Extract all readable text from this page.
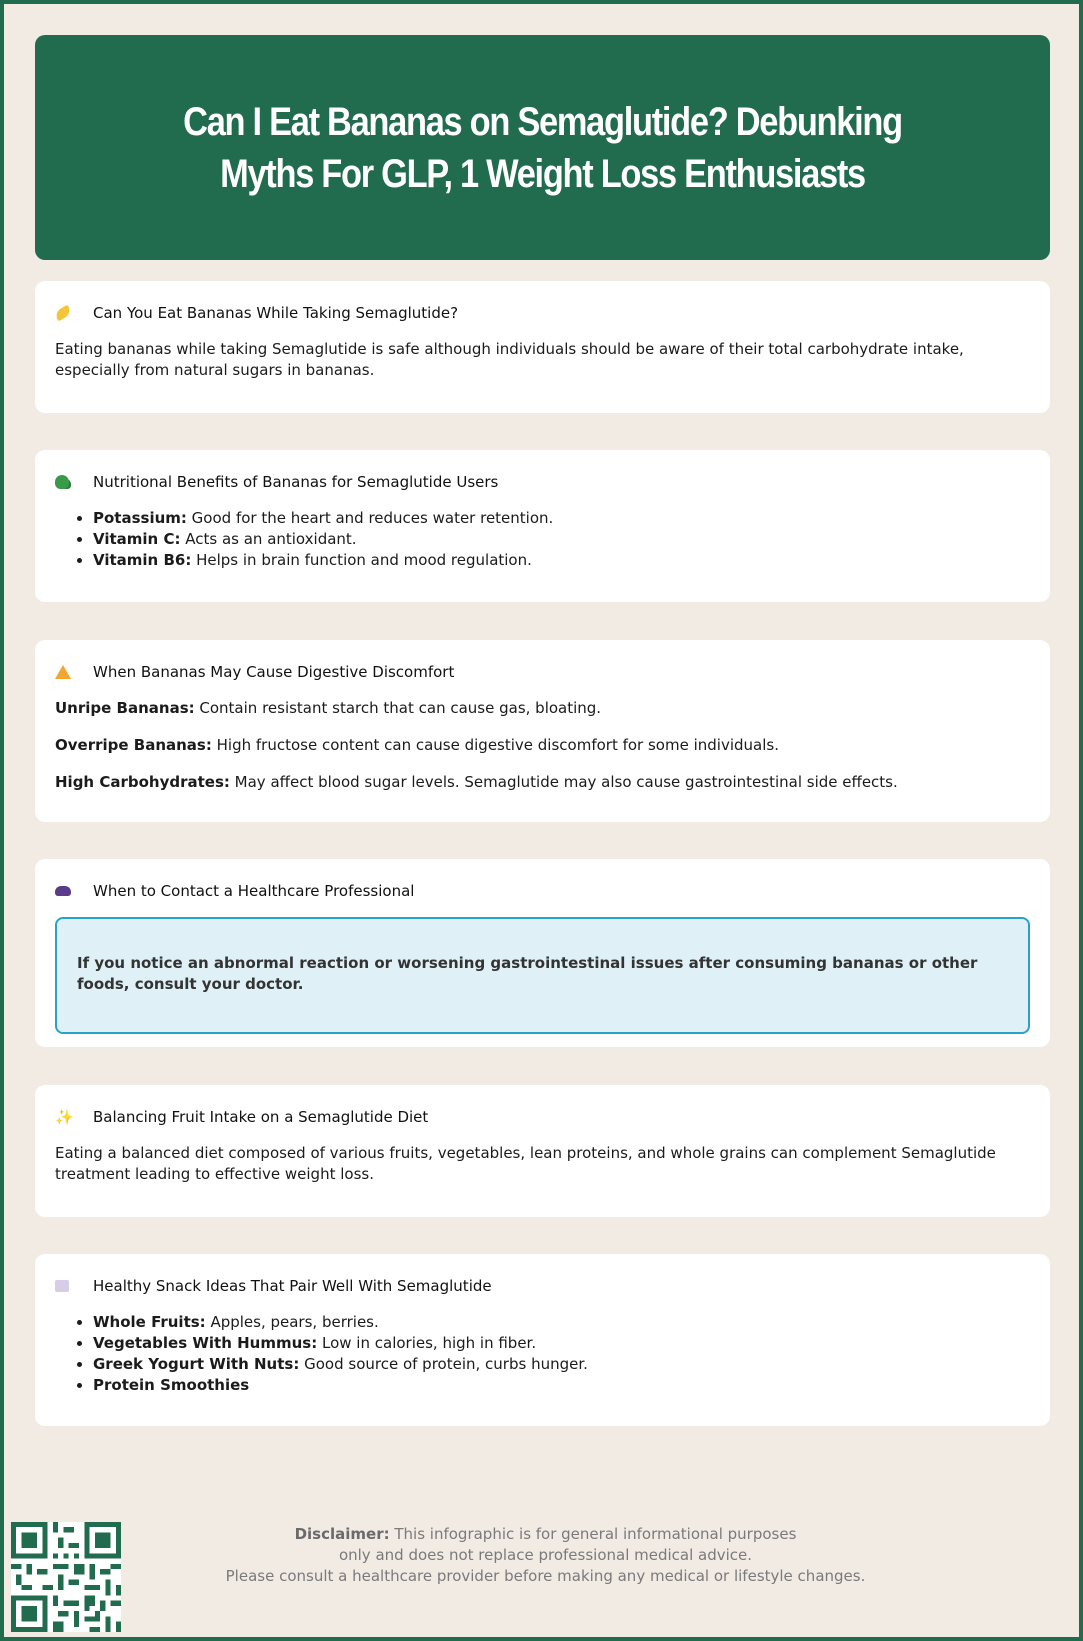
Can I Eat Bananas on Semaglutide? Debunking Myths For GLP, 1 Weight Loss Enthusiasts
Can You Eat Bananas While Taking Semaglutide?

Eating bananas while taking Semaglutide is safe although individuals should be aware of their total carbohydrate intake, especially from natural sugars in bananas.

Nutritional Benefits of Bananas for Semaglutide Users
• Potassium: Good for the heart and reduces water retention.
• Vitamin C: Acts as an antioxidant.
• Vitamin B6: Helps in brain function and mood regulation.
When Bananas May Cause Digestive Discomfort

Unripe Bananas: Contain resistant starch that can cause gas, bloating.

Overripe Bananas: High fructose content can cause digestive discomfort for some individuals.

High Carbohydrates: May affect blood sugar levels. Semaglutide may also cause gastrointestinal side effects.

When to Contact a Healthcare Professional
If you notice an abnormal reaction or worsening gastrointestinal issues after consuming bananas or other foods, consult your doctor.
✨ Balancing Fruit Intake on a Semaglutide Diet

Eating a balanced diet composed of various fruits, vegetables, lean proteins, and whole grains can complement Semaglutide treatment leading to effective weight loss.

Healthy Snack Ideas That Pair Well With Semaglutide
• Whole Fruits: Apples, pears, berries.
• Vegetables With Hummus: Low in calories, high in fiber.
• Greek Yogurt With Nuts: Good source of protein, curbs hunger.
• Protein Smoothies
Disclaimer: This infographic is for general informational purposes
only and does not replace professional medical advice.
Please consult a healthcare provider before making any medical or lifestyle changes.
